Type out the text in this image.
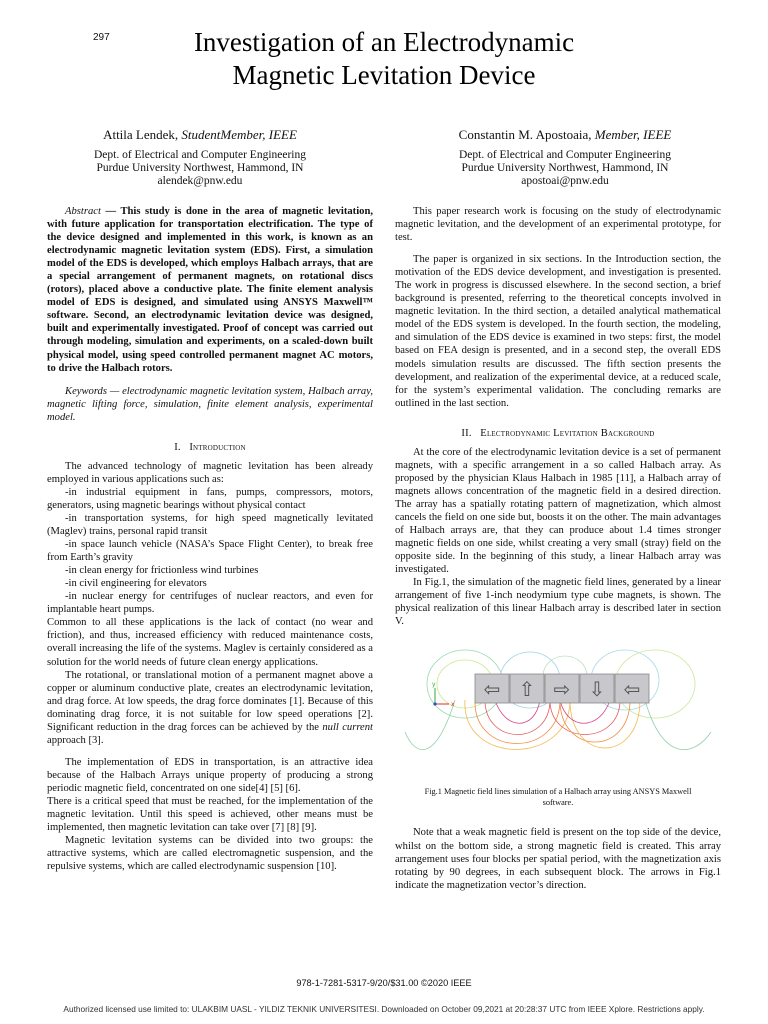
297	Investigation of an Electrodynamic
Magnetic Levitation Device
Attila Lendek, StudentMember, IEEE
Dept. of Electrical and Computer Engineering
Purdue University Northwest, Hammond, IN
alendek@pnw.edu
Constantin M. Apostoaia, Member, IEEE
Dept. of Electrical and Computer Engineering
Purdue University Northwest, Hammond, IN
apostoai@pnw.edu

Abstract — This study is done in the area of magnetic levitation, with future application for transportation electrification. The type of the device designed and implemented in this work, is known as an electrodynamic magnetic levitation system (EDS). First, a simulation model of the EDS is developed, which employs Halbach arrays, that are a special arrangement of permanent magnets, on rotational discs (rotors), placed above a conductive plate. The finite element analysis model of EDS is designed, and simulated using ANSYS Maxwell™ software. Second, an electrodynamic levitation device was designed, built and experimentally investigated. Proof of concept was carried out through modeling, simulation and experiments, on a scaled-down built physical model, using speed controlled permanent magnet AC motors, to drive the Halbach rotors.

Keywords — electrodynamic magnetic levitation system, Halbach array, magnetic lifting force, simulation, finite element analysis, experimental model.

I. Introduction

The advanced technology of magnetic levitation has been already employed in various applications such as:

-in industrial equipment in fans, pumps, compressors, motors, generators, using magnetic bearings without physical contact

-in transportation systems, for high speed magnetically levitated (Maglev) trains, personal rapid transit

-in space launch vehicle (NASA’s Space Flight Center), to break free from Earth’s gravity

-in clean energy for frictionless wind turbines

-in civil engineering for elevators

-in nuclear energy for centrifuges of nuclear reactors, and even for implantable heart pumps.

Common to all these applications is the lack of contact (no wear and friction), and thus, increased efficiency with reduced maintenance costs, overall increasing the life of the systems. Maglev is certainly considered as a solution for the world needs of future clean energy applications.

The rotational, or translational motion of a permanent magnet above a copper or aluminum conductive plate, creates an electrodynamic levitation, and drag force. At low speeds, the drag force dominates [1]. Because of this dominating drag force, it is not suitable for low speed operations [2]. Significant reduction in the drag forces can be achieved by the null current approach [3].

The implementation of EDS in transportation, is an attractive idea because of the Halbach Arrays unique property of producing a strong periodic magnetic field, concentrated on one side[4] [5] [6].

There is a critical speed that must be reached, for the implementation of the magnetic levitation. Until this speed is achieved, other means must be implemented, then magnetic levitation can take over [7] [8] [9].

Magnetic levitation systems can be divided into two groups: the attractive systems, which are called electromagnetic suspension, and the repulsive systems, which are called electrodynamic suspension [10].

This paper research work is focusing on the study of electrodynamic magnetic levitation, and the development of an experimental prototype, for test.

The paper is organized in six sections. In the Introduction section, the motivation of the EDS device development, and investigation is presented. The work in progress is discussed elsewhere. In the second section, a brief background is presented, referring to the theoretical concepts involved in magnetic levitation. In the third section, a detailed analytical mathematical model of the EDS system is developed. In the fourth section, the modeling, and simulation of the EDS device is examined in two steps: first, the model based on FEA design is presented, and in a second step, the overall EDS models simulation results are discussed. The fifth section presents the development, and realization of the experimental device, at a reduced scale, for the system’s experimental validation. The concluding remarks are outlined in the last section.

II. Electrodynamic Levitation Background

At the core of the electrodynamic levitation device is a set of permanent magnets, with a specific arrangement in a so called Halbach array. As proposed by the physician Klaus Halbach in 1985 [11], a Halbach array of magnets allows concentration of the magnetic field in a desired direction. The array has a spatially rotating pattern of magnetization, which almost cancels the field on one side but, boosts it on the other. The main advantages of Halbach arrays are, that they can produce about 1.4 times stronger magnetic fields on one side, whilst creating a very small (stray) field on the opposite side. In the beginning of this study, a linear Halbach array was investigated.

In Fig.1, the simulation of the magnetic field lines, generated by a linear arrangement of five 1-inch neodymium type cube magnets, is shown. The physical realization of this linear Halbach array is described later in section V.

⇦ ⇧ ⇨ ⇩ ⇦
y
x

Fig.1 Magnetic field lines simulation of a Halbach array using ANSYS Maxwell software.

Note that a weak magnetic field is present on the top side of the device, whilst on the bottom side, a strong magnetic field is created. This array arrangement uses four blocks per spatial period, with the magnetization axis rotating by 90 degrees, in each subsequent block. The arrows in Fig.1 indicate the magnetization vector’s direction.

978-1-7281-5317-9/20/$31.00 ©2020 IEEE
Authorized licensed use limited to: ULAKBIM UASL - YILDIZ TEKNIK UNIVERSITESI. Downloaded on October 09,2021 at 20:28:37 UTC from IEEE Xplore. Restrictions apply.
